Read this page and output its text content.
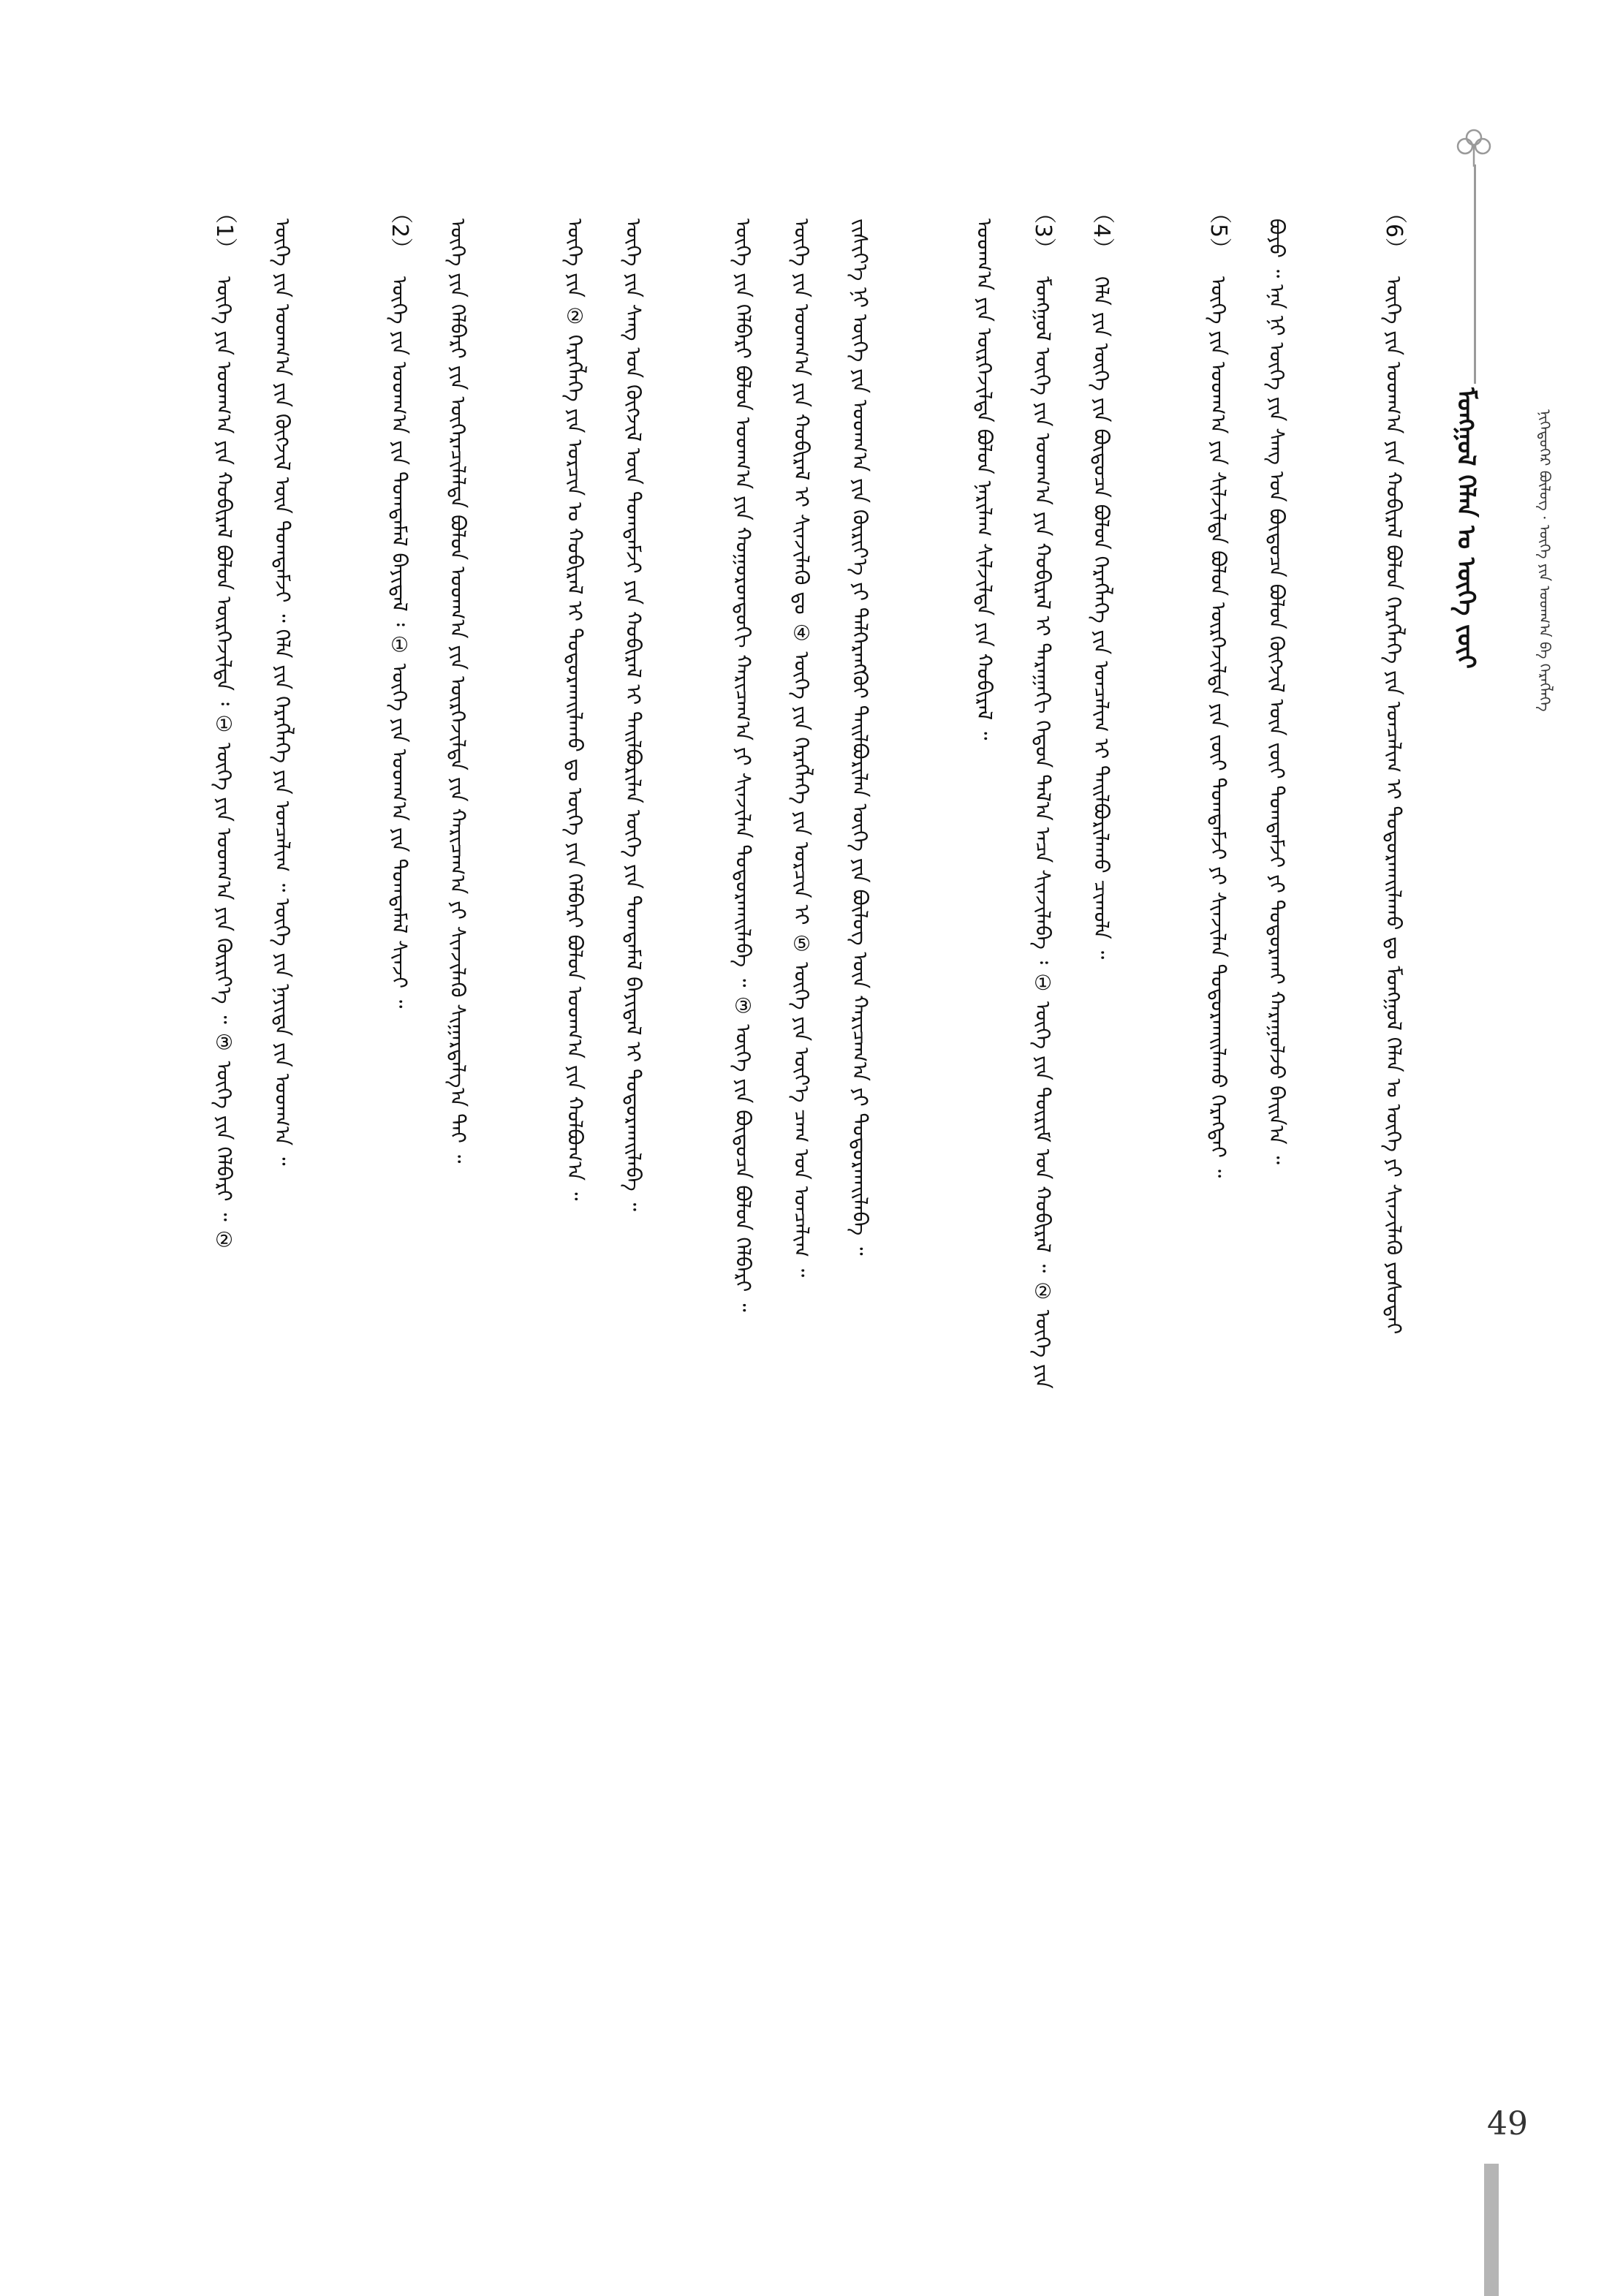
ᠮᠣᠩᠭᠣᠯ ᠬᠡᠯᠡᠨ ᠤ ᠦᠭᠡ ᠵᠦᠢ	ᠨᠢᠭᠡᠳᠦᠭᠡᠷ ᠪᠦᠯᠦᠭ · ᠦᠭᠡ ᠶᠢᠨ ᠤᠳᠬ᠎ᠠ ᠪᠠ ᠬᠡᠷᠡᠭᠯᠡᠭᠡ
（6） ᠦᠭᠡ ᠶᠢᠨ ᠤᠳᠬ᠎ᠠ ᠶᠢᠨ ᠬᠤᠪᠢᠷᠠᠯ ᠪᠣᠯᠤᠨ ᠬᠡᠷᠡᠭᠯᠡᠭᠡ ᠶᠢᠨ ᠣᠨᠴᠠᠯᠢᠭ ᠢ ᠲᠣᠳᠣᠷᠬᠠᠢᠯᠠᠬᠤ ᠳᠤ ᠮᠣᠩᠭᠣᠯ ᠬᠡᠯᠡᠨ ᠤ ᠦᠭᠡ ᠶᠢ ᠰᠢᠨᠵᠢᠯᠡᠬᠦ ᠶᠤᠰᠤᠲᠠᠢ
ᠪᠤᠶᠤ ᠃ ᠡᠨᠡ ᠨᠢ ᠦᠭᠡ ᠶᠢᠨ ᠰᠠᠩ ᠤᠨ ᠪᠦᠲᠦᠴᠡ ᠪᠣᠯᠤᠨ ᠬᠦᠭᠵᠢᠯ ᠦᠨ ᠵᠦᠢ ᠲᠣᠭᠲᠠᠮᠵᠢ ᠶᠢ ᠲᠣᠳᠣᠷᠬᠠᠢ ᠬᠠᠷᠠᠭᠤᠯᠵᠤ ᠪᠠᠢᠨ᠎ᠠ ᠃
（5） ᠦᠭᠡ ᠶᠢᠨ ᠤᠳᠬ᠎ᠠ ᠶᠢᠨ ᠰᠢᠯᠵᠢᠯᠲᠡ ᠪᠣᠯᠤᠨ ᠥᠷᠭᠡᠵᠢᠯᠲᠡ ᠶᠢᠨ ᠵᠦᠢ ᠲᠣᠭᠲᠠᠮᠵᠢ ᠶᠢ ᠰᠢᠨᠵᠢᠯᠡᠨ ᠲᠣᠳᠣᠷᠬᠠᠢᠯᠠᠬᠤ ᠬᠡᠷᠡᠭᠲᠡᠢ ᠃
（4） ᠬᠡᠯᠡ ᠶᠢᠨ ᠦᠭᠡ ᠶᠢᠨ ᠪᠦᠲᠦᠴᠡ ᠪᠣᠯᠤᠨ ᠬᠡᠷᠡᠭᠯᠡᠭᠡ ᠶᠢᠨ ᠣᠨᠴᠠᠯᠢᠭ ᠢ ᠲᠠᠢᠯᠪᠤᠷᠢᠯᠠᠬᠤ ᠴᠢᠬᠤᠯᠠ ᠃
（3） ᠮᠣᠩᠭᠣᠯ ᠦᠭᠡ ᠶᠢᠨ ᠤᠳᠬ᠎ᠠ ᠶᠢᠨ ᠬᠤᠪᠢᠷᠠᠯ ᠢ ᠳᠠᠷᠠᠭᠠᠬᠢ ᠬᠡᠳᠦᠨ ᠲᠠᠯ᠎ᠠ ᠠᠴᠠ ᠰᠢᠨᠵᠢᠯᠡᠪᠡ ᠄ ① ᠦᠭᠡ ᠶᠢᠨ ᠳᠦᠷᠢᠮ ᠤᠨ ᠬᠤᠪᠢᠷᠠᠯ ᠃ ② ᠦᠭᠡ ᠶᠢᠨ
ᠤᠳᠬ᠎ᠠ ᠶᠢᠨ ᠥᠷᠭᠡᠵᠢᠯᠲᠡ ᠪᠣᠯᠤᠨ ᠨᠠᠷᠢᠯᠠᠭ ᠰᠢᠯᠵᠢᠯᠲᠡ ᠶᠢᠨ ᠬᠤᠪᠢᠷᠠᠯ ᠃
ᠵᠢᠱᠢᠶ᠎ᠡ ᠨᠢ ᠦᠭᠡ ᠶᠢᠨ ᠤᠳᠬ᠎ᠠ ᠶᠢᠨ ᠬᠦᠷᠢᠶ᠎ᠡ ᠶᠢ ᠳᠡᠯᠭᠡᠷᠡᠩᠭᠦᠢ ᠲᠠᠢᠯᠪᠤᠷᠢᠯᠠᠨ ᠦᠭᠡ ᠶᠢᠨ ᠪᠦᠯᠦᠭ ᠦᠨ ᠬᠠᠷᠢᠴᠠᠭ᠎ᠠ ᠶᠢ ᠲᠣᠳᠣᠷᠬᠠᠢᠯᠠᠪᠠ ᠃
ᠦᠭᠡ ᠶᠢᠨ ᠤᠳᠬ᠎ᠠ ᠶᠢᠨ ᠬᠤᠪᠢᠷᠠᠯ ᠢ ᠰᠢᠨᠵᠢᠯᠡᠬᠦ ᠳᠤ ④ ᠦᠭᠡ ᠶᠢᠨ ᠬᠡᠷᠡᠭᠯᠡᠭᠡ ᠶᠢᠨ ᠣᠷᠴᠢᠨ ᠢ ⑤ ᠦᠭᠡ ᠶᠢᠨ ᠦᠶ᠎ᠡ ᠴᠠᠭ ᠤᠨ ᠣᠨᠴᠠᠯᠢᠭ ᠃
ᠦᠭᠡ ᠶᠢᠨ ᠬᠡᠯᠪᠡᠷᠢ ᠪᠣᠯᠤᠨ ᠤᠳᠬ᠎ᠠ ᠶᠢᠨ ᠬᠣᠭᠣᠷᠤᠨᠳᠤᠬᠢ ᠬᠠᠷᠢᠴᠠᠭ᠎ᠠ ᠶᠢ ᠰᠢᠨᠵᠢᠯᠡᠨ ᠲᠣᠳᠣᠷᠬᠠᠢᠯᠠᠪᠠ ᠃ ③ ᠦᠭᠡ ᠶᠢᠨ ᠪᠦᠲᠦᠴᠡ ᠪᠣᠯᠤᠨ ᠬᠡᠯᠪᠡᠷᠢ ᠃
ᠦᠭᠡ ᠶᠢᠨ ᠰᠠᠩ ᠤᠨ ᠬᠦᠭᠵᠢᠯ ᠦᠨ ᠲᠣᠭᠲᠠᠮᠵᠢ ᠶᠢᠨ ᠬᠤᠪᠢᠷᠠᠯ ᠢ ᠲᠠᠢᠯᠪᠤᠷᠢᠯᠠᠨ ᠦᠭᠡ ᠶᠢᠨ ᠲᠣᠭᠲᠠᠮᠠᠯ ᠪᠠᠶᠢᠳᠠᠯ ᠢ ᠲᠣᠳᠣᠷᠬᠠᠢᠯᠠᠪᠠ ᠃
ᠦᠭᠡ ᠶᠢᠨ ② ᠬᠡᠷᠡᠭᠯᠡᠭᠡ ᠶᠢᠨ ᠣᠷᠴᠢᠨ ᠤ ᠬᠤᠪᠢᠷᠠᠯ ᠢ ᠲᠣᠳᠣᠷᠬᠠᠢᠯᠠᠬᠤ ᠳᠤ ᠦᠭᠡ ᠶᠢᠨ ᠬᠡᠯᠪᠡᠷᠢ ᠪᠣᠯᠤᠨ ᠤᠳᠬ᠎ᠠ ᠶᠢᠨ ᠬᠣᠯᠪᠣᠭ᠎ᠠ ᠃
ᠦᠭᠡ ᠶᠢᠨ ᠬᠡᠯᠪᠡᠷᠢ ᠶᠢᠨ ᠥᠭᠡᠷᠡᠴᠢᠯᠡᠯᠲᠡ ᠪᠣᠯᠤᠨ ᠤᠳᠬ᠎ᠠ ᠶᠢᠨ ᠥᠷᠭᠡᠵᠢᠯᠲᠡ ᠶᠢᠨ ᠬᠠᠷᠢᠴᠠᠭ᠎ᠠ ᠶᠢ ᠰᠢᠨᠵᠢᠯᠡᠬᠦ ᠰᠢᠭᠠᠷᠳᠠᠯᠭ᠎ᠠ ᠲᠠᠢ ᠃
（2） ᠦᠭᠡ ᠶᠢᠨ ᠤᠳᠬ᠎ᠠ ᠶᠢᠨ ᠲᠣᠭᠲᠠᠮᠠᠯ ᠪᠠᠶᠢᠳᠠᠯ ᠄ ① ᠦᠭᠡ ᠶᠢᠨ ᠤᠳᠬ᠎ᠠ ᠶᠢᠨ ᠲᠣᠭᠲᠠᠮᠠᠯ ᠰᠢᠨᠵᠢ ᠃
ᠦᠭᠡ ᠶᠢᠨ ᠤᠳᠬ᠎ᠠ ᠶᠢᠨ ᠬᠥᠭᠵᠢᠯ ᠦᠨ ᠲᠣᠭᠲᠠᠮᠵᠢ ᠃ ᠬᠡᠯᠡ ᠶᠢᠨ ᠬᠡᠷᠡᠭᠯᠡᠭᠡ ᠶᠢᠨ ᠣᠨᠴᠠᠯᠢᠭ ᠃ ᠦᠭᠡ ᠶᠢᠨ ᠨᠡᠶᠢᠲᠡ ᠶᠢᠨ ᠤᠳᠬ᠎ᠠ ᠃
（1） ᠦᠭᠡ ᠶᠢᠨ ᠤᠳᠬ᠎ᠠ ᠶᠢᠨ ᠬᠤᠪᠢᠷᠠᠯ ᠪᠣᠯᠤᠨ ᠥᠷᠭᠡᠵᠢᠯᠲᠡ ᠄ ① ᠦᠭᠡ ᠶᠢᠨ ᠤᠳᠬ᠎ᠠ ᠶᠢᠨ ᠬᠦᠷᠢᠶ᠎ᠡ ᠃ ③ ᠦᠭᠡ ᠶᠢᠨ ᠬᠡᠯᠪᠡᠷᠢ ᠃ ②
49
